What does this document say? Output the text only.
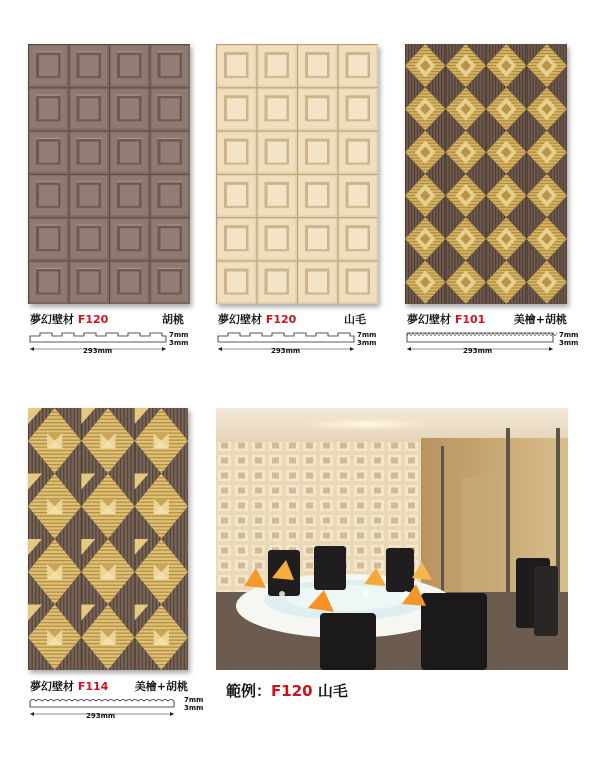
夢幻壁材 F120	胡桃
293mm
7mm
3mm
夢幻壁材 F120	山毛
293mm
7mm
3mm
夢幻壁材 F101	美檜+胡桃
293mm
7mm
3mm
夢幻壁材 F114 美檜+胡桃
293mm
7mm
3mm
範例：F120 山毛
